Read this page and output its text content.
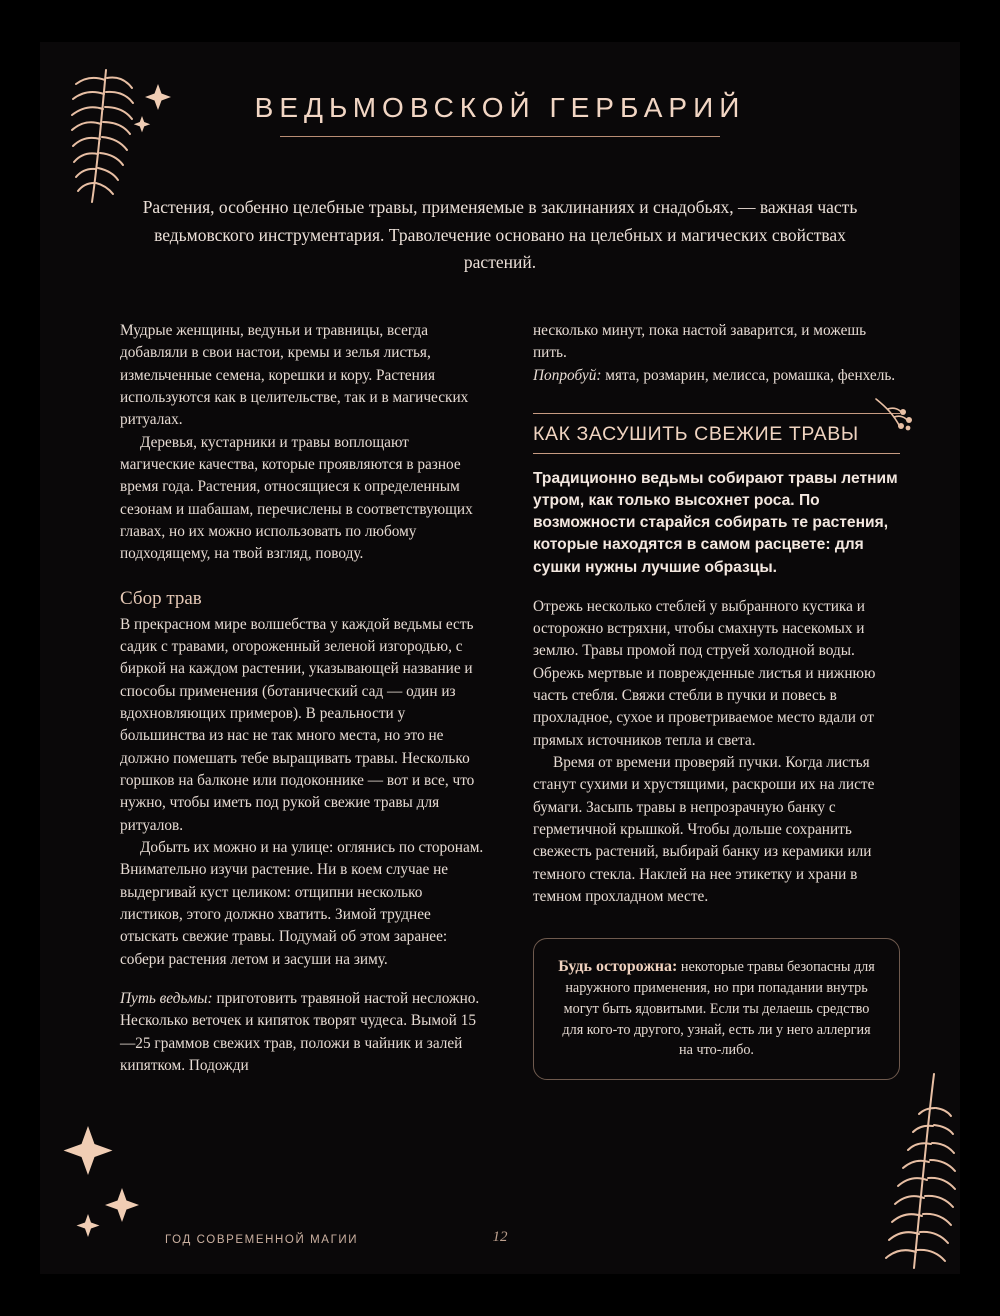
ВЕДЬМОВСКОЙ ГЕРБАРИЙ
Растения, особенно целебные травы, применяемые в заклинаниях и снадобьях, — важная часть ведьмовского инструментария. Траволечение основано на целебных и магических свойствах растений.

Мудрые женщины, ведуньи и травницы, всегда добавляли в свои настои, кремы и зелья листья, измельченные семена, корешки и кору. Растения используются как в целительстве, так и в магических ритуалах.

Деревья, кустарники и травы воплощают магические качества, которые проявляются в разное время года. Растения, относящиеся к определенным сезонам и шабашам, перечислены в соответствующих главах, но их можно использовать по любому подходящему, на твой взгляд, поводу.

Сбор трав

В прекрасном мире волшебства у каждой ведьмы есть садик с травами, огороженный зеленой изгородью, с биркой на каждом растении, указывающей название и способы применения (ботанический сад — один из вдохновляющих примеров). В реальности у большинства из нас не так много места, но это не должно помешать тебе выращивать травы. Несколько горшков на балконе или подоконнике — вот и все, что нужно, чтобы иметь под рукой свежие травы для ритуалов.

Добыть их можно и на улице: оглянись по сторонам. Внимательно изучи растение. Ни в коем случае не выдергивай куст целиком: отщипни несколько листиков, этого должно хватить. Зимой труднее отыскать свежие травы. Подумай об этом заранее: собери растения летом и засуши на зиму.

Путь ведьмы: приготовить травяной настой несложно. Несколько веточек и кипяток творят чудеса. Вымой 15—25 граммов свежих трав, положи в чайник и залей кипятком. Подожди

несколько минут, пока настой заварится, и можешь пить.

Попробуй: мята, розмарин, мелисса, ромашка, фенхель.

КАК ЗАСУШИТЬ СВЕЖИЕ ТРАВЫ

Традиционно ведьмы собирают травы летним утром, как только высохнет роса. По возможности старайся собирать те растения, которые находятся в самом расцвете: для сушки нужны лучшие образцы.

Отрежь несколько стеблей у выбранного кустика и осторожно встряхни, чтобы смахнуть насекомых и землю. Травы промой под струей холодной воды. Обрежь мертвые и поврежденные листья и нижнюю часть стебля. Свяжи стебли в пучки и повесь в прохладное, сухое и проветриваемое место вдали от прямых источников тепла и света.

Время от времени проверяй пучки. Когда листья станут сухими и хрустящими, раскроши их на листе бумаги. Засыпь травы в непрозрачную банку с герметичной крышкой. Чтобы дольше сохранить свежесть растений, выбирай банку из керамики или темного стекла. Наклей на нее этикетку и храни в темном прохладном месте.

Будь осторожна: некоторые травы безопасны для наружного применения, но при попадании внутрь могут быть ядовитыми. Если ты делаешь средство для кого-то другого, узнай, есть ли у него аллергия на что-либо.
ГОД СОВРЕМЕННОЙ МАГИИ	12
